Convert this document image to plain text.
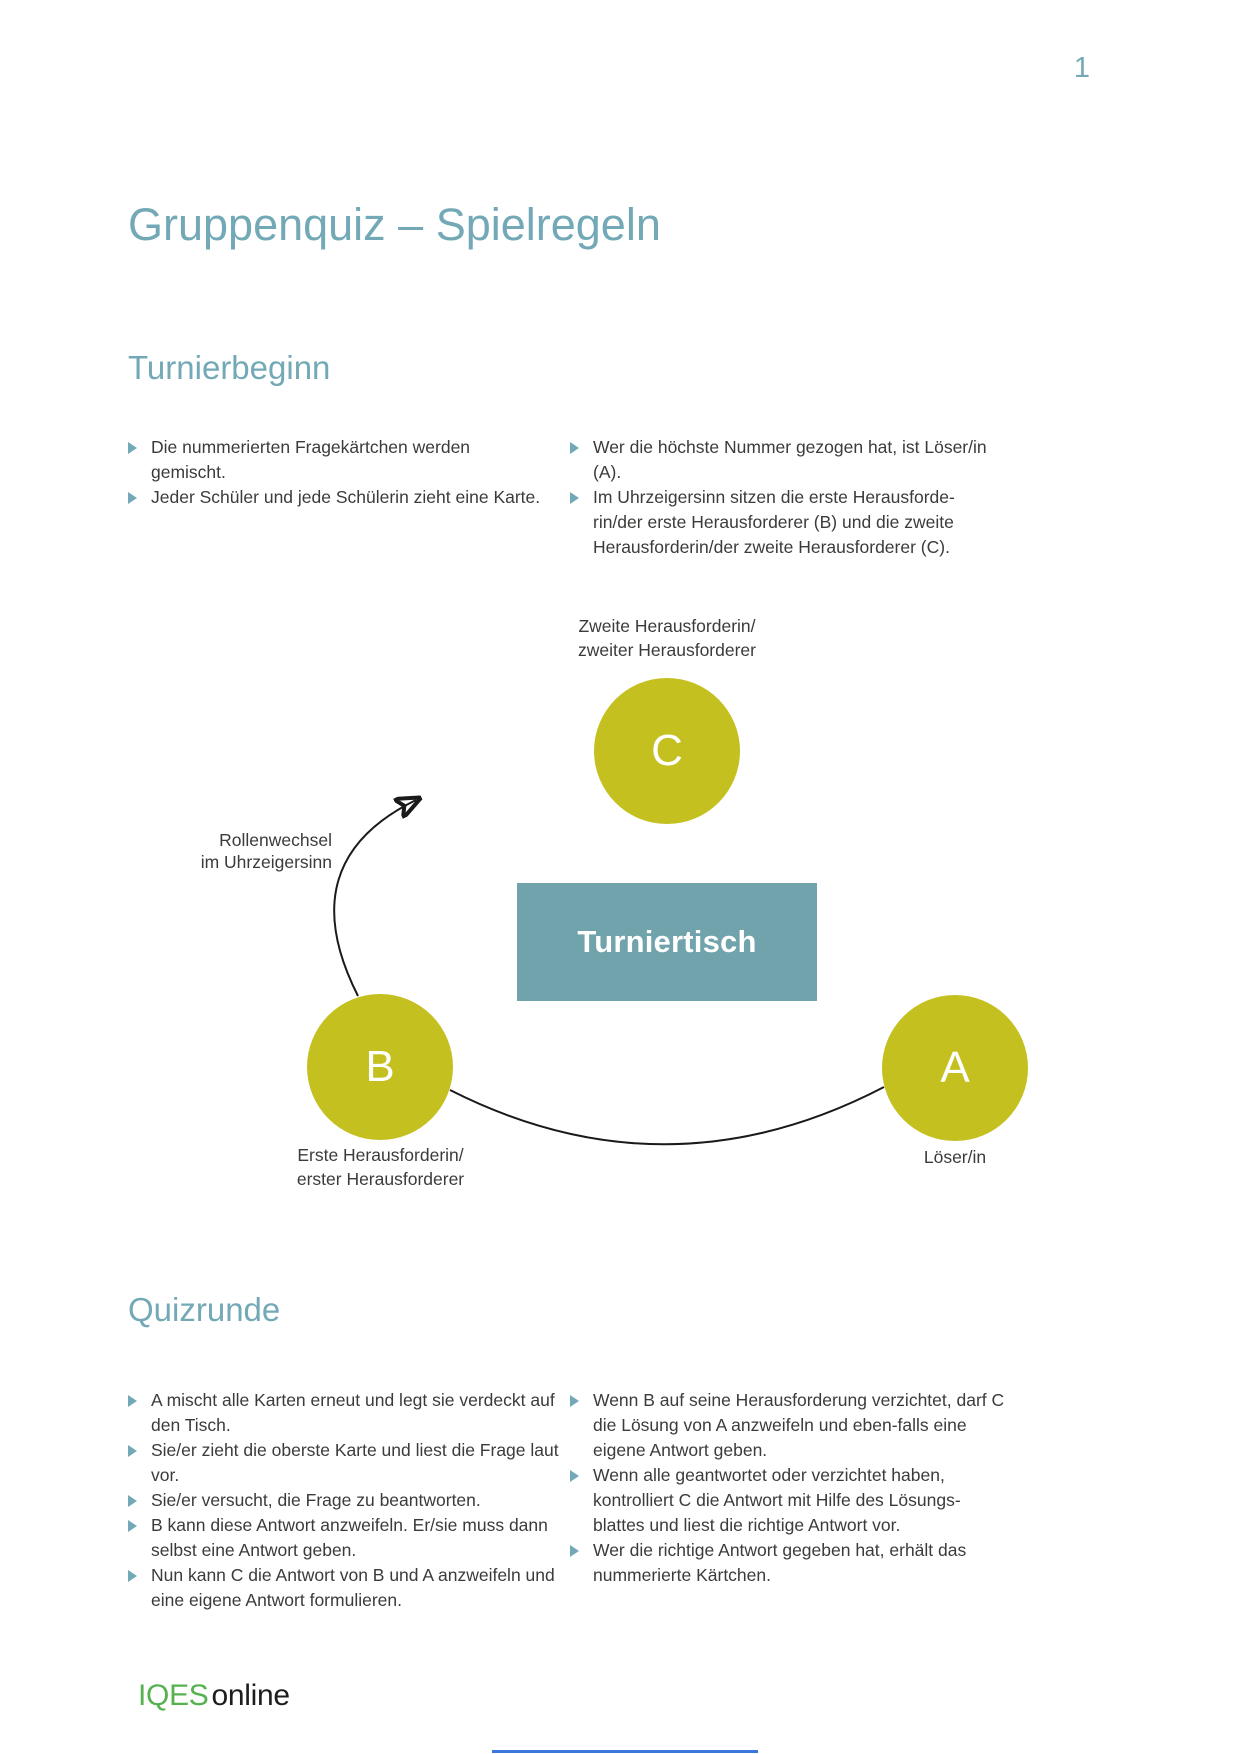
1
Gruppenquiz – Spielregeln
Turnierbeginn
Die nummerierten Fragekärtchen werden gemischt.
Jeder Schüler und jede Schülerin zieht eine Karte.
Wer die höchste Nummer gezogen hat, ist Löser/in (A).
Im Uhrzeigersinn sitzen die erste Herausforde-rin/der erste Herausforderer (B) und die zweite Herausforderin/der zweite Herausforderer (C).
Zweite Herausforderin/
zweiter Herausforderer
C
Rollenwechsel
im Uhrzeigersinn
Turniertisch
B	A
Erste Herausforderin/
erster Herausforderer
Löser/in
Quizrunde
A mischt alle Karten erneut und legt sie verdeckt auf den Tisch.
Sie/er zieht die oberste Karte und liest die Frage laut vor.
Sie/er versucht, die Frage zu beantworten.
B kann diese Antwort anzweifeln. Er/sie muss dann selbst eine Antwort geben.
Nun kann C die Antwort von B und A anzweifeln und eine eigene Antwort formulieren.
Wenn B auf seine Herausforderung verzichtet, darf C die Lösung von A anzweifeln und eben-falls eine eigene Antwort geben.
Wenn alle geantwortet oder verzichtet haben, kontrolliert C die Antwort mit Hilfe des Lösungs-blattes und liest die richtige Antwort vor.
Wer die richtige Antwort gegeben hat, erhält das nummerierte Kärtchen.
IQES online
